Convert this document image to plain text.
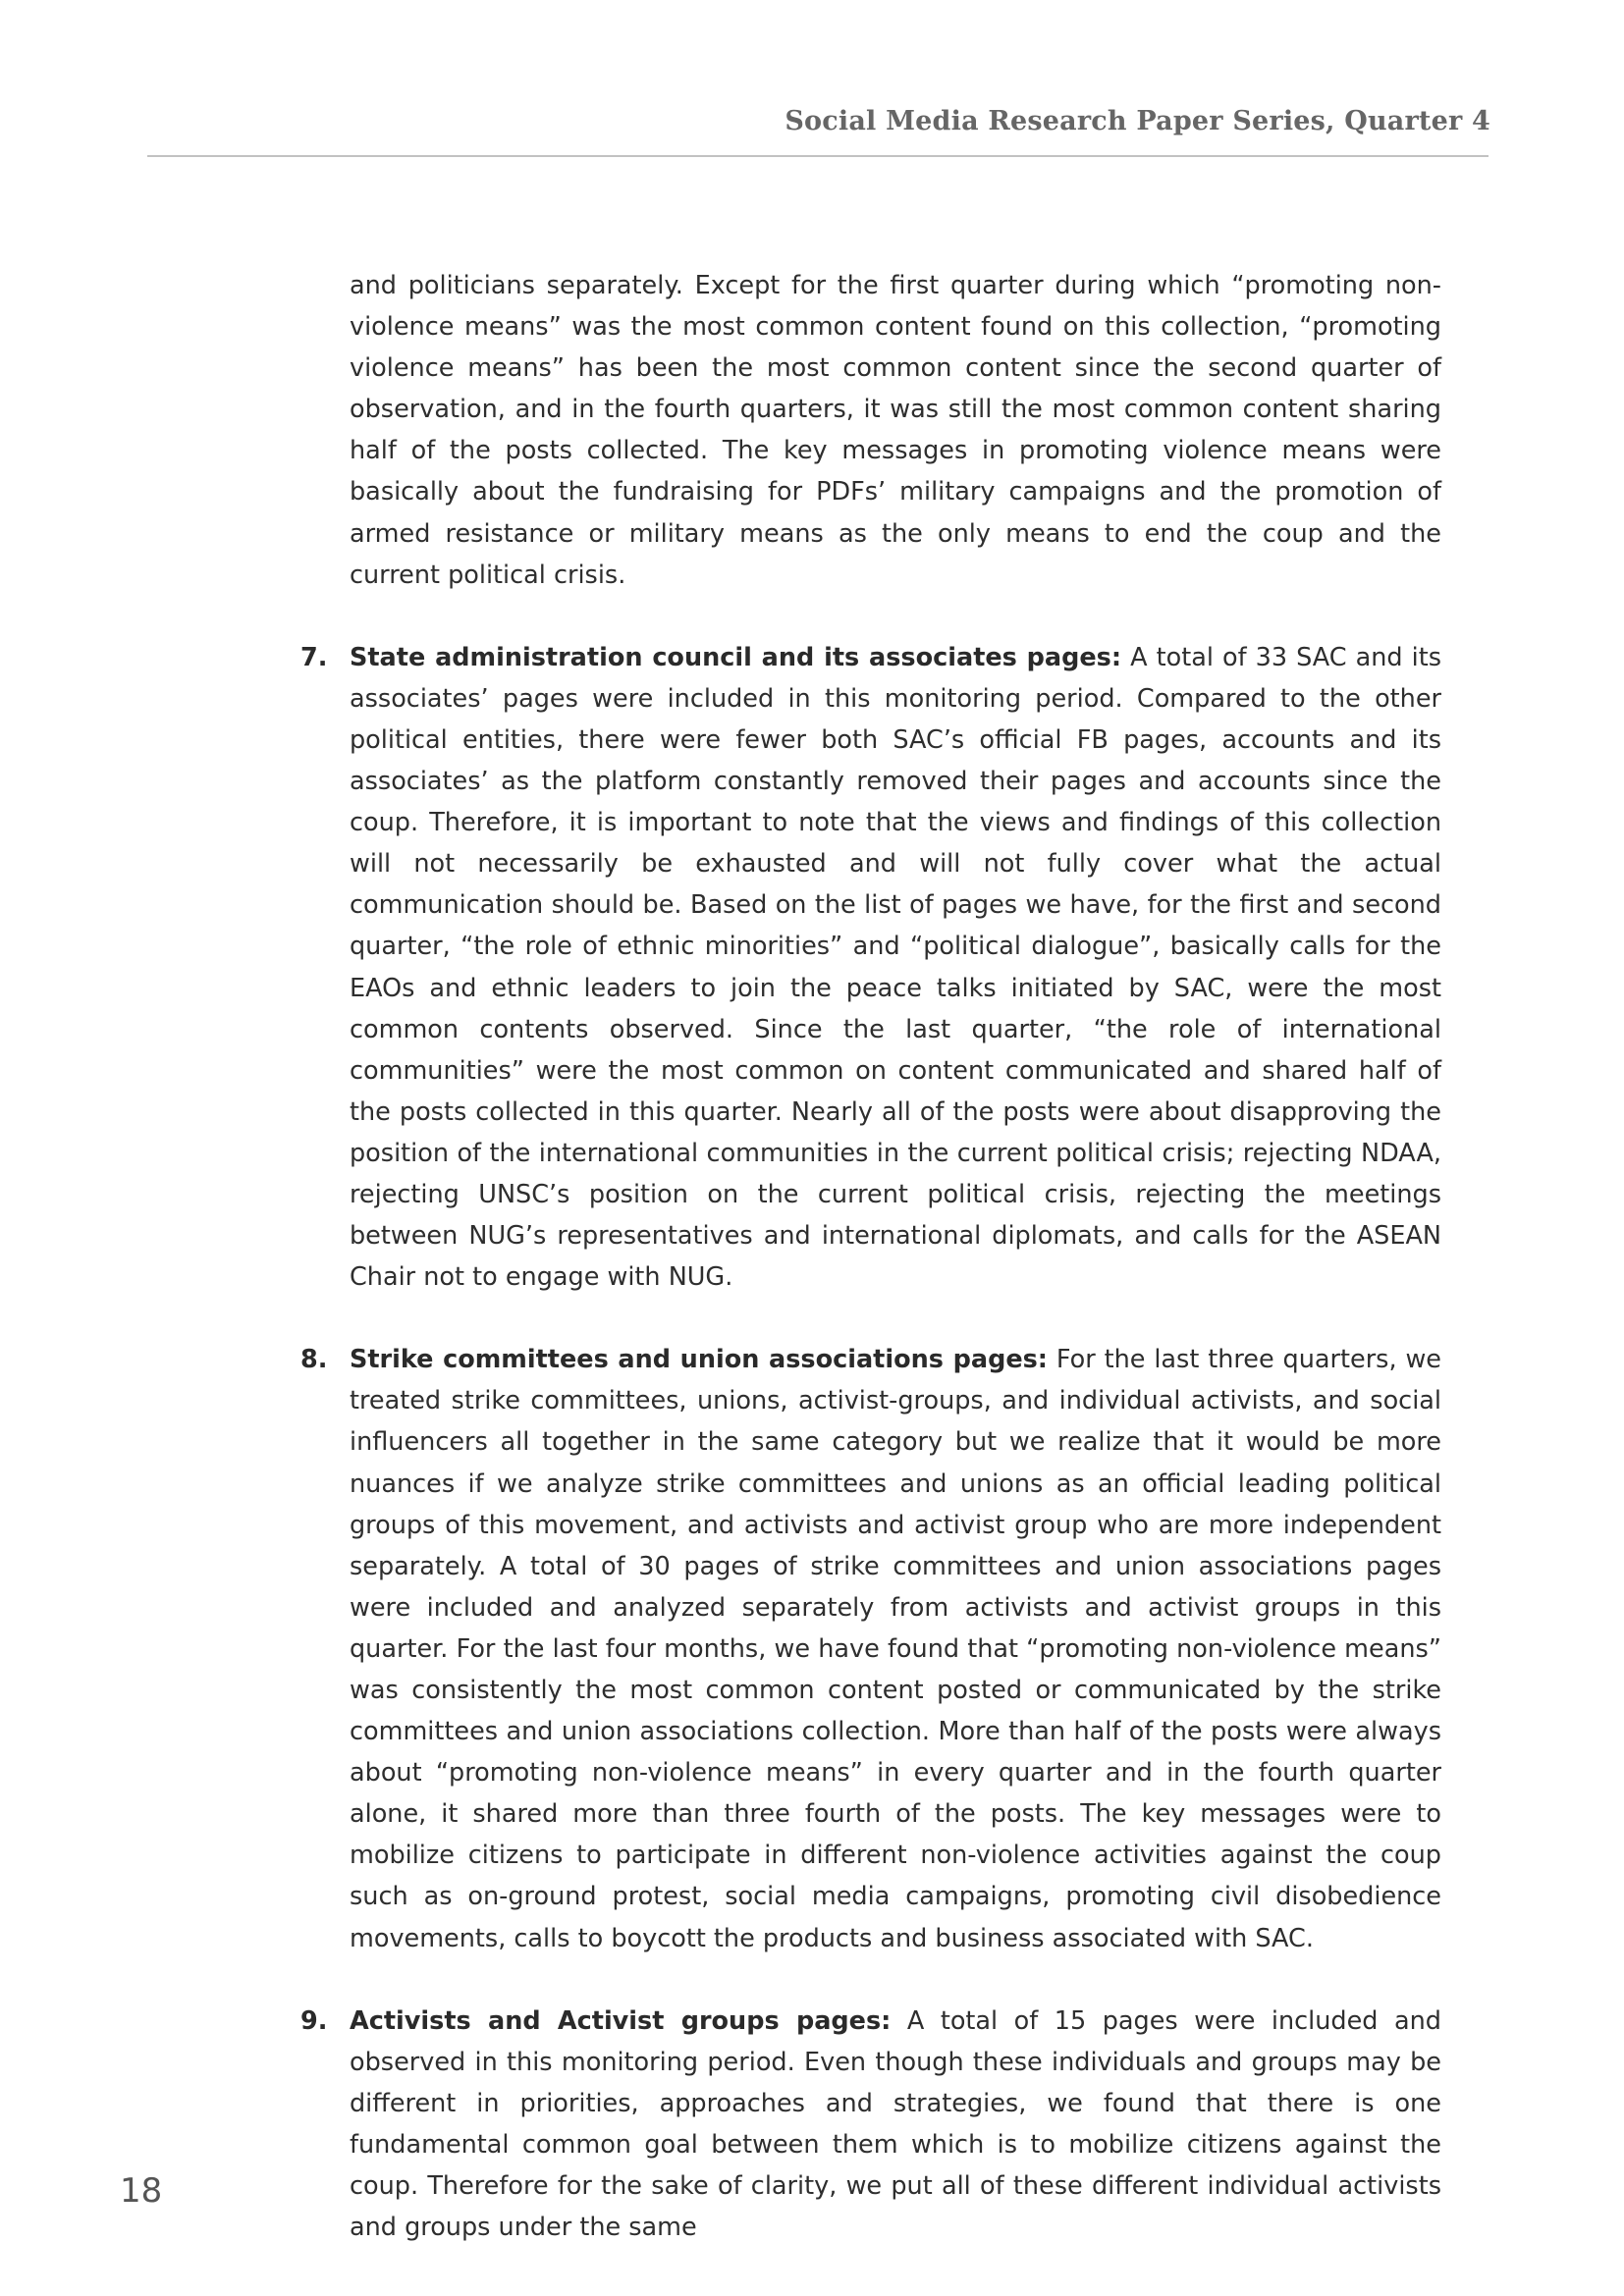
Social Media Research Paper Series, Quarter 4

and politicians separately. Except for the first quarter during which “promoting non-violence means” was the most common content found on this collection, “promoting violence means” has been the most common content since the second quarter of observation, and in the fourth quarters, it was still the most common content sharing half of the posts collected. The key messages in promoting violence means were basically about the fundraising for PDFs’ military campaigns and the promotion of armed resistance or military means as the only means to end the coup and the current political crisis.

7. State administration council and its associates pages: A total of 33 SAC and its associates’ pages were included in this monitoring period. Compared to the other political entities, there were fewer both SAC’s official FB pages, accounts and its associates’ as the platform constantly removed their pages and accounts since the coup. Therefore, it is important to note that the views and findings of this collection will not necessarily be exhausted and will not fully cover what the actual communication should be. Based on the list of pages we have, for the first and second quarter, “the role of ethnic minorities” and “political dialogue”, basically calls for the EAOs and ethnic leaders to join the peace talks initiated by SAC, were the most common contents observed. Since the last quarter, “the role of international communities” were the most common on content communicated and shared half of the posts collected in this quarter. Nearly all of the posts were about disapproving the position of the international communities in the current political crisis; rejecting NDAA, rejecting UNSC’s position on the current political crisis, rejecting the meetings between NUG’s representatives and international diplomats, and calls for the ASEAN Chair not to engage with NUG.

8. Strike committees and union associations pages: For the last three quarters, we treated strike committees, unions, activist-groups, and individual activists, and social influencers all together in the same category but we realize that it would be more nuances if we analyze strike committees and unions as an official leading political groups of this movement, and activists and activist group who are more independent separately. A total of 30 pages of strike committees and union associations pages were included and analyzed separately from activists and activist groups in this quarter. For the last four months, we have found that “promoting non-violence means” was consistently the most common content posted or communicated by the strike committees and union associations collection. More than half of the posts were always about “promoting non-violence means” in every quarter and in the fourth quarter alone, it shared more than three fourth of the posts. The key messages were to mobilize citizens to participate in different non-violence activities against the coup such as on-ground protest, social media campaigns, promoting civil disobedience movements, calls to boycott the products and business associated with SAC.

9. Activists and Activist groups pages: A total of 15 pages were included and observed in this monitoring period. Even though these individuals and groups may be different in priorities, approaches and strategies, we found that there is one fundamental common goal between them which is to mobilize citizens against the coup. Therefore for the sake of clarity, we put all of these different individual activists and groups under the same

18
